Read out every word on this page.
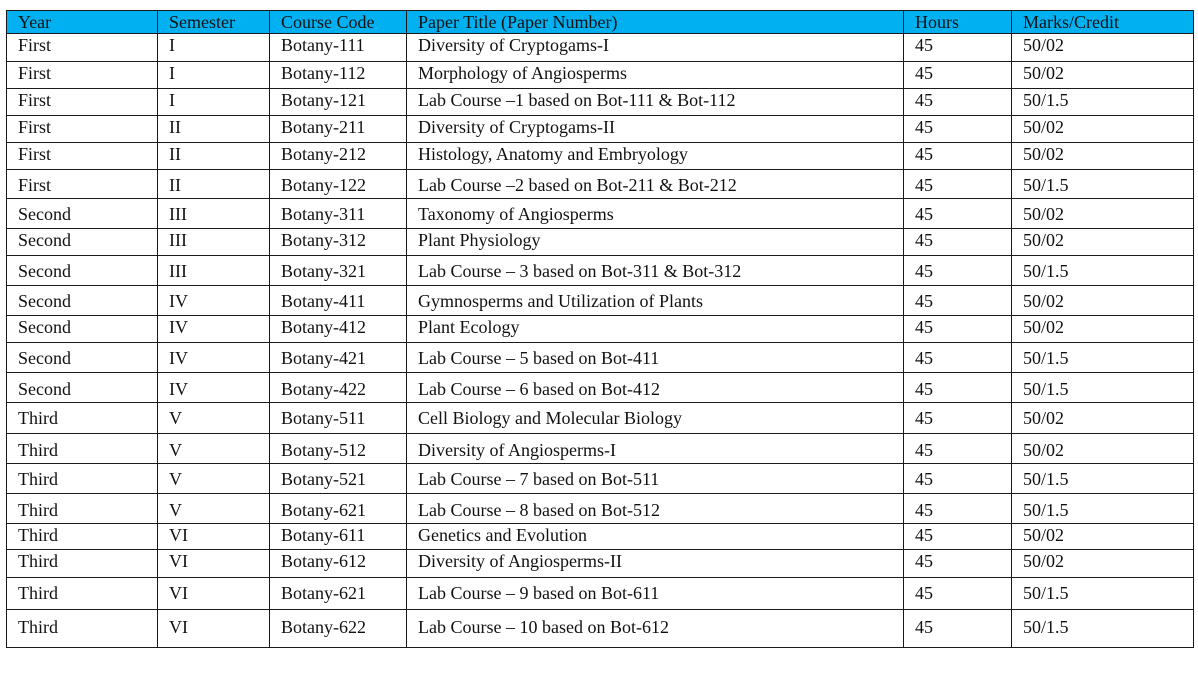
Year	Semester	Course Code	Paper Title (Paper Number)	Hours	Marks/Credit
First	I	Botany-111	Diversity of Cryptogams-I	45	50/02
First	I	Botany-112	Morphology of Angiosperms	45	50/02
First	I	Botany-121	Lab Course –1 based on Bot-111 & Bot-112	45	50/1.5
First	II	Botany-211	Diversity of Cryptogams-II	45	50/02
First	II	Botany-212	Histology, Anatomy and Embryology	45	50/02
First	II	Botany-122	Lab Course –2 based on Bot-211 & Bot-212	45	50/1.5
Second	III	Botany-311	Taxonomy of Angiosperms	45	50/02
Second	III	Botany-312	Plant Physiology	45	50/02
Second	III	Botany-321	Lab Course – 3 based on Bot-311 & Bot-312	45	50/1.5
Second	IV	Botany-411	Gymnosperms and Utilization of Plants	45	50/02
Second	IV	Botany-412	Plant Ecology	45	50/02
Second	IV	Botany-421	Lab Course – 5 based on Bot-411	45	50/1.5
Second	IV	Botany-422	Lab Course – 6 based on Bot-412	45	50/1.5
Third	V	Botany-511	Cell Biology and Molecular Biology	45	50/02
Third	V	Botany-512	Diversity of Angiosperms-I	45	50/02
Third	V	Botany-521	Lab Course – 7 based on Bot-511	45	50/1.5
Third	V	Botany-621	Lab Course – 8 based on Bot-512	45	50/1.5
Third	VI	Botany-611	Genetics and Evolution	45	50/02
Third	VI	Botany-612	Diversity of Angiosperms-II	45	50/02
Third	VI	Botany-621	Lab Course – 9 based on Bot-611	45	50/1.5
Third	VI	Botany-622	Lab Course – 10 based on Bot-612	45	50/1.5
